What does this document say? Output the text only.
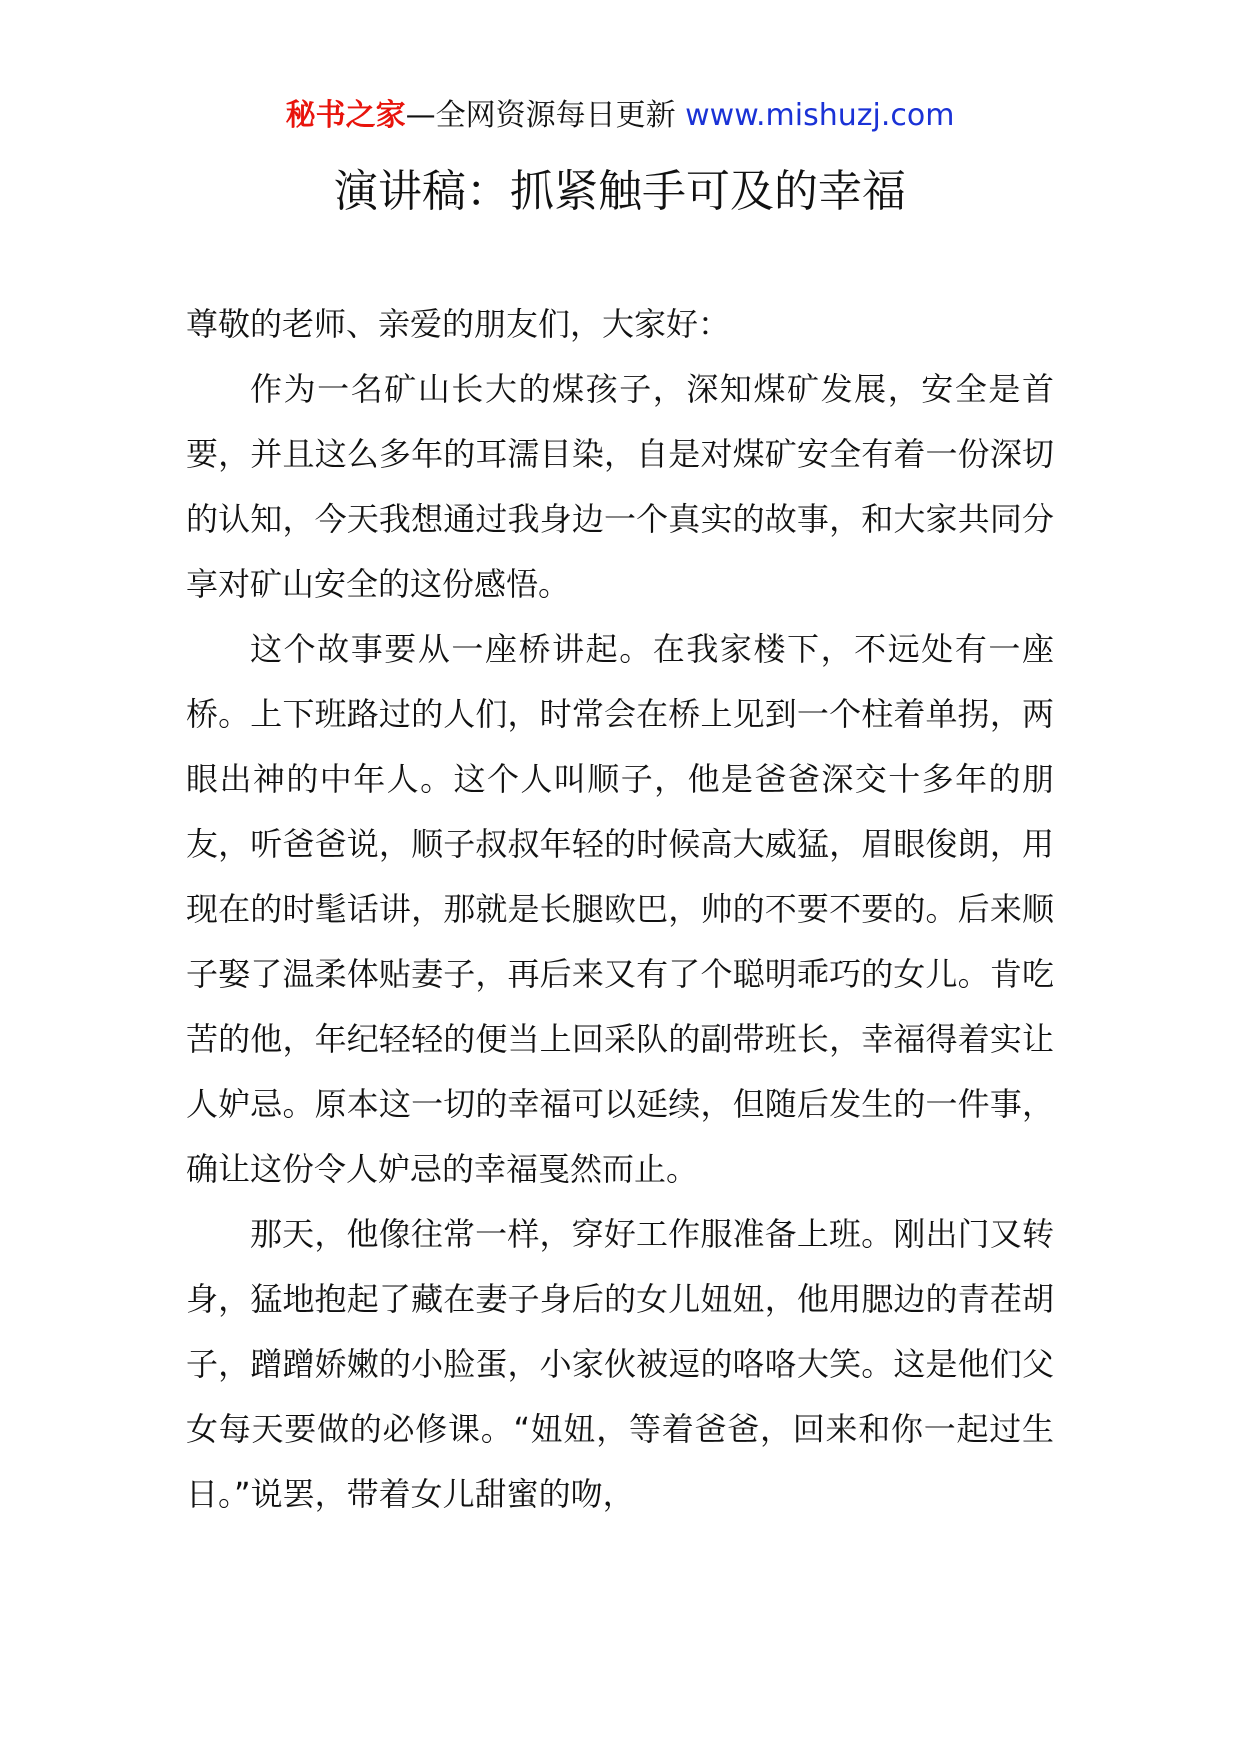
秘书之家—全网资源每日更新 www.mishuzj.com
演讲稿：抓紧触手可及的幸福

尊敬的老师、亲爱的朋友们，大家好：

作为一名矿山长大的煤孩子，深知煤矿发展，安全是首要，并且这么多年的耳濡目染，自是对煤矿安全有着一份深切的认知，今天我想通过我身边一个真实的故事，和大家共同分享对矿山安全的这份感悟。

这个故事要从一座桥讲起。在我家楼下，不远处有一座桥。上下班路过的人们，时常会在桥上见到一个柱着单拐，两眼出神的中年人。这个人叫顺子，他是爸爸深交十多年的朋友，听爸爸说，顺子叔叔年轻的时候高大威猛，眉眼俊朗，用现在的时髦话讲，那就是长腿欧巴，帅的不要不要的。后来顺子娶了温柔体贴妻子，再后来又有了个聪明乖巧的女儿。肯吃苦的他，年纪轻轻的便当上回采队的副带班长，幸福得着实让人妒忌。原本这一切的幸福可以延续，但随后发生的一件事，确让这份令人妒忌的幸福戛然而止。

那天，他像往常一样，穿好工作服准备上班。刚出门又转身，猛地抱起了藏在妻子身后的女儿妞妞，他用腮边的青茬胡子，蹭蹭娇嫩的小脸蛋，小家伙被逗的咯咯大笑。这是他们父女每天要做的必修课。“妞妞，等着爸爸，回来和你一起过生日。”说罢，带着女儿甜蜜的吻，
